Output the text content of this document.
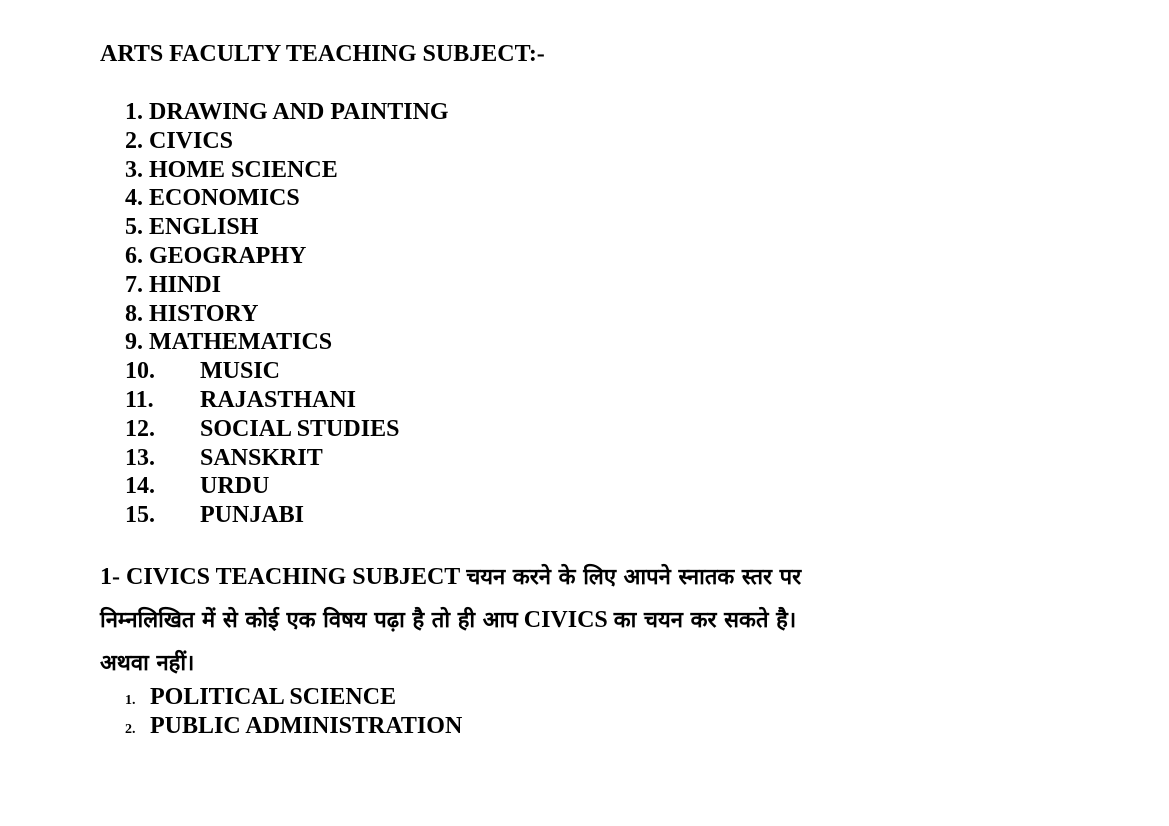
ARTS FACULTY TEACHING SUBJECT:-
1. DRAWING AND PAINTING
2. CIVICS
3. HOME SCIENCE
4. ECONOMICS
5. ENGLISH
6. GEOGRAPHY
7. HINDI
8. HISTORY
9. MATHEMATICS
10. MUSIC
11. RAJASTHANI
12. SOCIAL STUDIES
13. SANSKRIT
14. URDU
15. PUNJABI
1- CIVICS TEACHING SUBJECT चयन करने के लिए आपने स्नातक स्तर पर
निम्नलिखित में से कोई एक विषय पढ़ा है तो ही आप CIVICS का चयन कर सकते है।
अथवा नहीं।
1. POLITICAL SCIENCE
2. PUBLIC ADMINISTRATION
